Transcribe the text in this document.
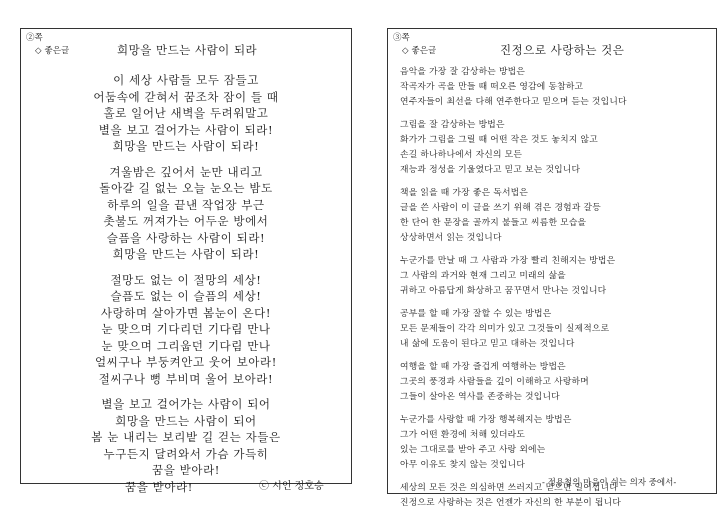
②쪽
◇ 좋은글	희망을 만드는 사람이 되라
이 세상 사람들 모두 잠들고
어둠속에 갇혀서 꿈조차 잠이 들 때
홀로 일어난 새벽을 두려워말고
별을 보고 걸어가는 사람이 되라!
희망을 만드는 사람이 되라!
겨울밤은 깊어서 눈만 내리고
돌아갈 길 없는 오늘 눈오는 밤도
하루의 일을 끝낸 작업장 부근
촛불도 꺼져가는 어두운 방에서
슬픔을 사랑하는 사람이 되라!
희망을 만드는 사람이 되라!
절망도 없는 이 절망의 세상!
슬픔도 없는 이 슬픔의 세상!
사랑하며 살아가면 봄눈이 온다!
눈 맞으며 기다리던 기다림 만나
눈 맞으며 그리웁던 기다림 만나
얼씨구나 부둥켜안고 웃어 보아라!
절씨구나 뻥 부비며 울어 보아라!
별을 보고 걸어가는 사람이 되어
희망을 만드는 사람이 되어
봄 눈 내리는 보리밭 길 걷는 자들은
누구든지 달려와서 가슴 가득히
꿈을 받아라!
꿈을 받아라!	ⓒ 시인 정호승
③쪽
◇ 좋은글	진정으로 사랑하는 것은
음악을 가장 잘 감상하는 방법은
작곡자가 곡을 만들 때 떠오른 영감에 동참하고
연주자들이 최선을 다해 연주한다고 믿으며 듣는 것입니다
그림을 잘 감상하는 방법은
화가가 그림을 그릴 때 어떤 작은 것도 놓치지 않고
손길 하나하나에서 자신의 모든
재능과 정성을 기울였다고 믿고 보는 것입니다
책을 읽을 때 가장 좋은 독서법은
글을 쓴 사람이 이 글을 쓰기 위해 겪은 경험과 갈등
한 단어 한 문장을 골까지 불들고 씨름한 모습을
상상하면서 읽는 것입니다
누군가를 만날 때 그 사람과 가장 빨리 친해지는 방법은
그 사람의 과거와 현재 그리고 미래의 삶을
귀하고 아름답게 화상하고 꿈꾸면서 만나는 것입니다
공부를 할 때 가장 잘할 수 있는 방법은
모든 문제들이 각각 의미가 있고 그것들이 실제적으로
내 삶에 도움이 된다고 믿고 대하는 것입니다
여행을 할 때 가장 즐겁게 여행하는 방법은
그곳의 풍경과 사람들을 깊이 이해하고 사랑하며
그들이 살아온 역사를 존중하는 것입니다
누군가를 사랑할 때 가장 행복해지는 방법은
그가 어떤 환경에 처해 있더라도
있는 그대로를 받아 주고 사랑 외에는
아무 이유도 찾지 않는 것입니다
세상의 모든 것은 의심하면 쓰러지고 믿으면 일어섭니다
진정으로 사랑하는 것은 언젠가 자신의 한 부분이 됩니다
- 정용철의 마음이 쉬는 의자 중에서-
